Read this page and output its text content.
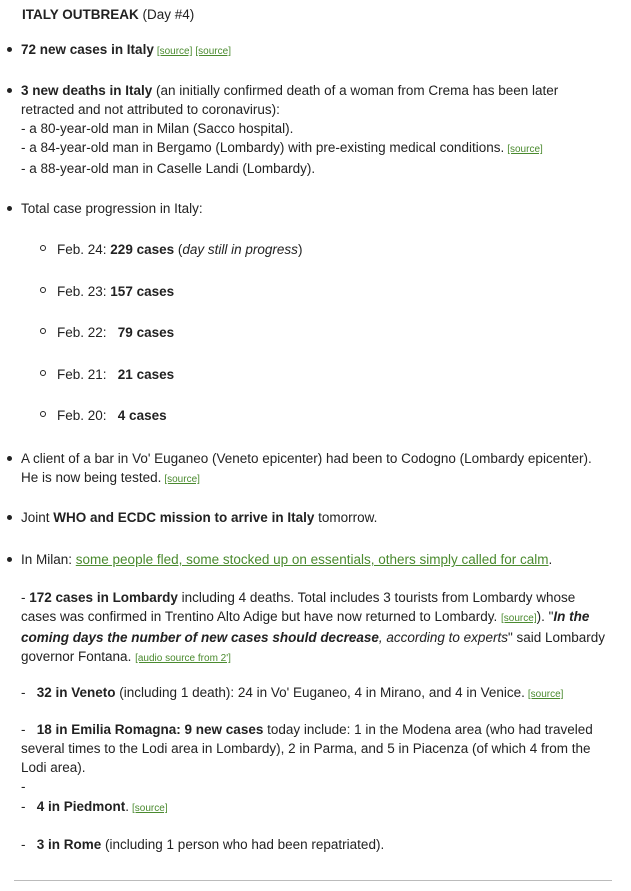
ITALY OUTBREAK (Day #4)
72 new cases in Italy [source] [source]
3 new deaths in Italy (an initially confirmed death of a woman from Crema has been later
retracted and not attributed to coronavirus):
- a 80-year-old man in Milan (Sacco hospital).
- a 84-year-old man in Bergamo (Lombardy) with pre-existing medical conditions. [source]
- a 88-year-old man in Caselle Landi (Lombardy).
Total case progression in Italy:
Feb. 24: 229 cases (day still in progress)
Feb. 23: 157 cases
Feb. 22:   79 cases
Feb. 21:   21 cases
Feb. 20:   4 cases
A client of a bar in Vo' Euganeo (Veneto epicenter) had been to Codogno (Lombardy epicenter).
He is now being tested. [source]
Joint WHO and ECDC mission to arrive in Italy tomorrow.
In Milan: some people fled, some stocked up on essentials, others simply called for calm.
- 172 cases in Lombardy including 4 deaths. Total includes 3 tourists from Lombardy whose
cases was confirmed in Trentino Alto Adige but have now returned to Lombardy. [source]). "In the
coming days the number of new cases should decrease, according to experts" said Lombardy
governor Fontana. [audio source from 2']
-   32 in Veneto (including 1 death): 24 in Vo' Euganeo, 4 in Mirano, and 4 in Venice. [source]
-   18 in Emilia Romagna: 9 new cases today include: 1 in the Modena area (who had traveled
several times to the Lodi area in Lombardy), 2 in Parma, and 5 in Piacenza (of which 4 from the
Lodi area).
-
-   4 in Piedmont. [source]
-   3 in Rome (including 1 person who had been repatriated).
